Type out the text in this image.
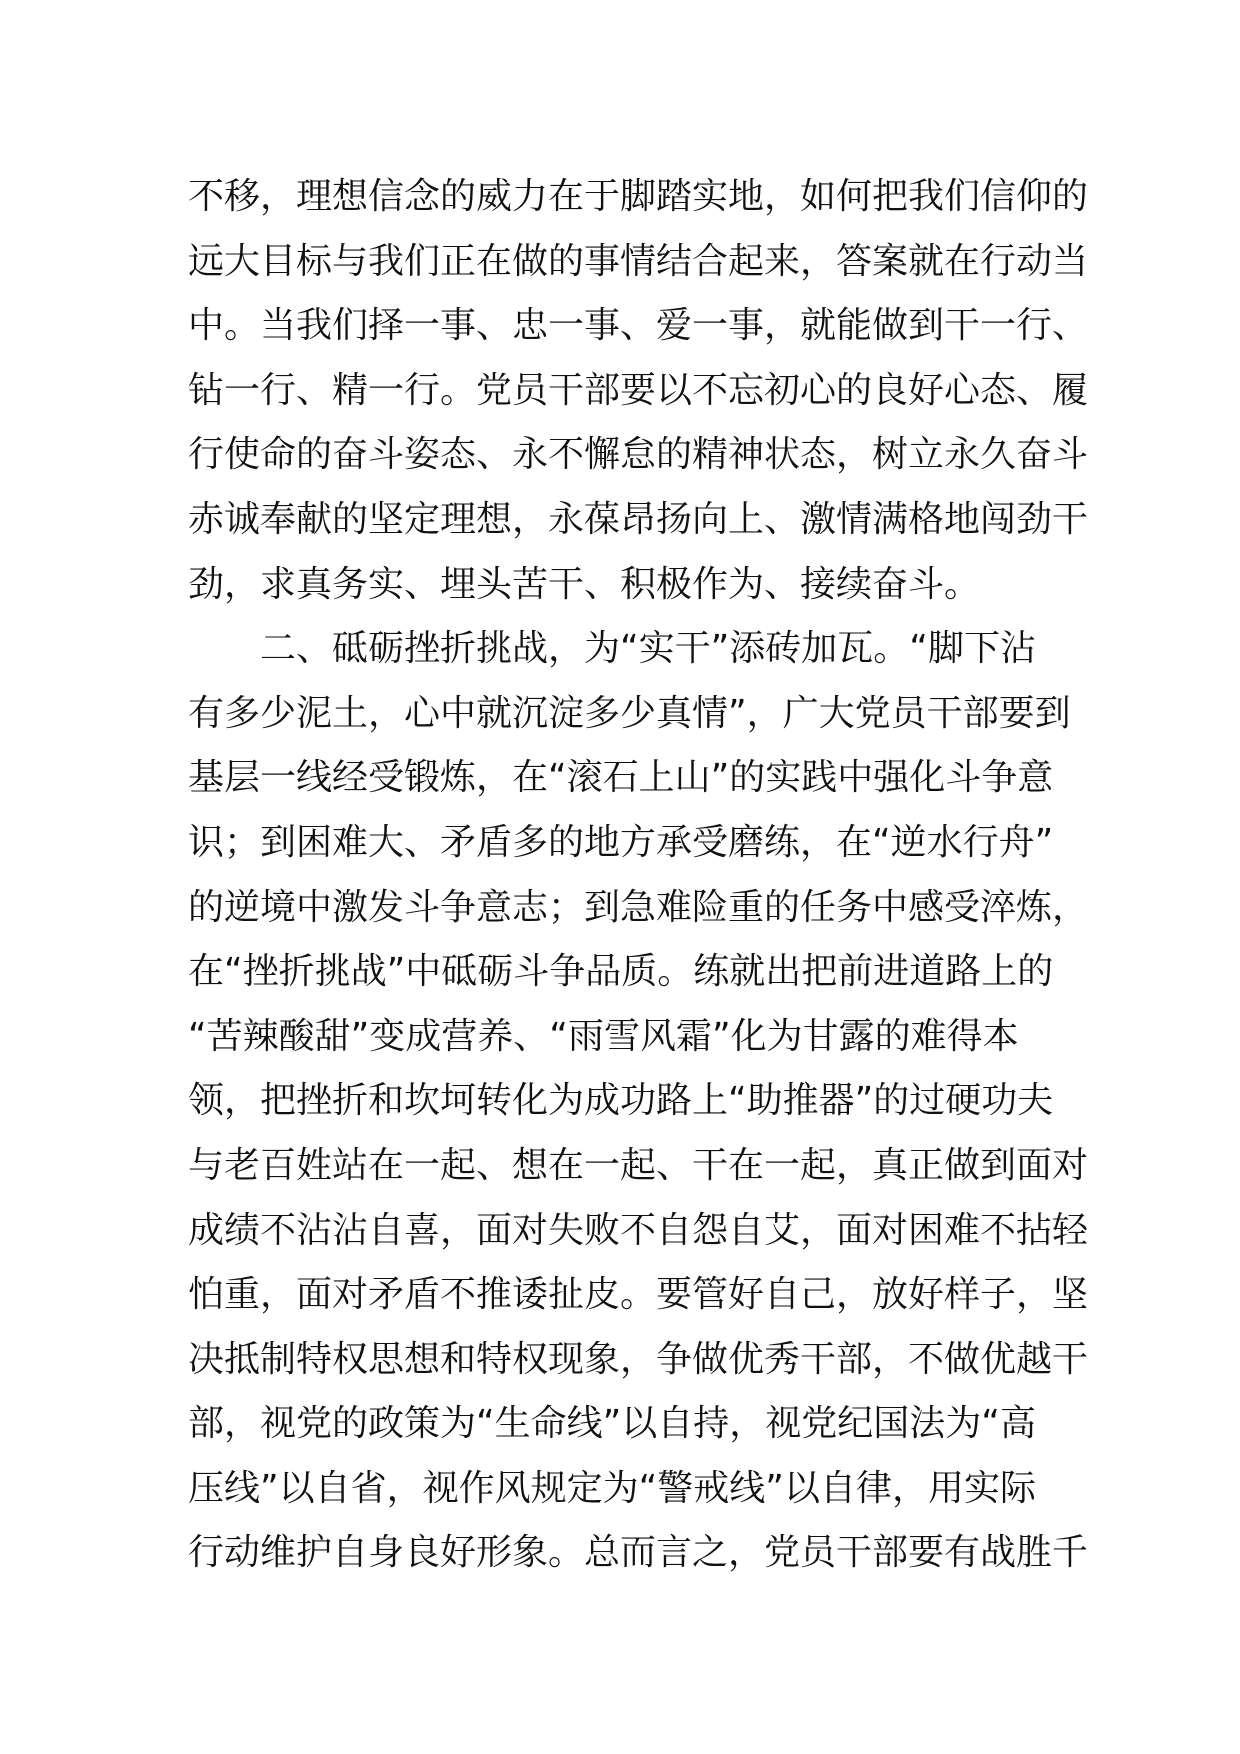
不移，理想信念的威力在于脚踏实地，如何把我们信仰的
远大目标与我们正在做的事情结合起来，答案就在行动当
中。当我们择一事、忠一事、爱一事，就能做到干一行、
钻一行、精一行。党员干部要以不忘初心的良好心态、履
行使命的奋斗姿态、永不懈怠的精神状态，树立永久奋斗
赤诚奉献的坚定理想，永葆昂扬向上、激情满格地闯劲干
劲，求真务实、埋头苦干、积极作为、接续奋斗。
　　二、砥砺挫折挑战，为“实干”添砖加瓦。“脚下沾
有多少泥土，心中就沉淀多少真情”，广大党员干部要到
基层一线经受锻炼，在“滚石上山”的实践中强化斗争意
识；到困难大、矛盾多的地方承受磨练，在“逆水行舟”
的逆境中激发斗争意志；到急难险重的任务中感受淬炼，
在“挫折挑战”中砥砺斗争品质。练就出把前进道路上的
“苦辣酸甜”变成营养、“雨雪风霜”化为甘露的难得本
领，把挫折和坎坷转化为成功路上“助推器”的过硬功夫
与老百姓站在一起、想在一起、干在一起，真正做到面对
成绩不沾沾自喜，面对失败不自怨自艾，面对困难不拈轻
怕重，面对矛盾不推诿扯皮。要管好自己，放好样子，坚
决抵制特权思想和特权现象，争做优秀干部，不做优越干
部，视党的政策为“生命线”以自持，视党纪国法为“高
压线”以自省，视作风规定为“警戒线”以自律，用实际
行动维护自身良好形象。总而言之，党员干部要有战胜千
